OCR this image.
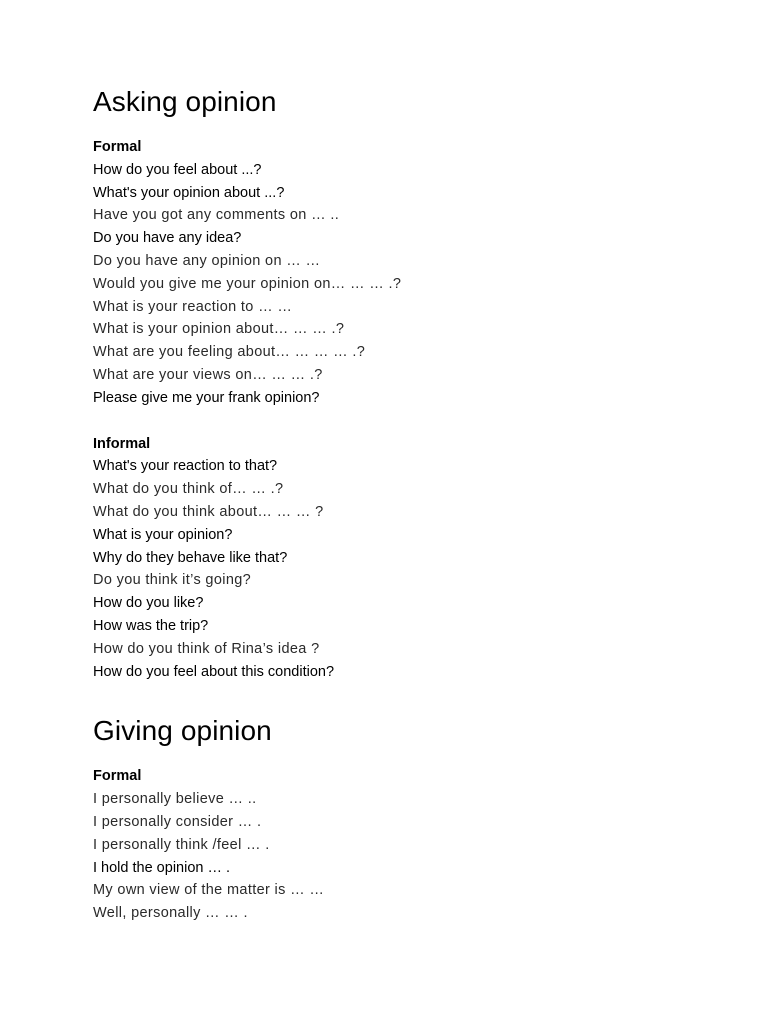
Asking opinion
Formal
How do you feel about ...?
What's your opinion about ...?
Have you got any comments on … ..
Do you have any idea?
Do you have any opinion on … …
Would you give me your opinion on… … … .?
What is your reaction to … …
What is your opinion about… … … .?
What are you feeling about… … … … .?
What are your views on… … … .?
Please give me your frank opinion?
Informal
What's your reaction to that?
What do you think of… … .?
What do you think about… … … ?
What is your opinion?
Why do they behave like that?
Do you think it’s going?
How do you like?
How was the trip?
How do you think of Rina’s idea ?
How do you feel about this condition?
Giving opinion
Formal
I personally believe … ..
I personally consider … .
I personally think /feel … .
I hold the opinion … .
My own view of the matter is … …
Well, personally … … .
